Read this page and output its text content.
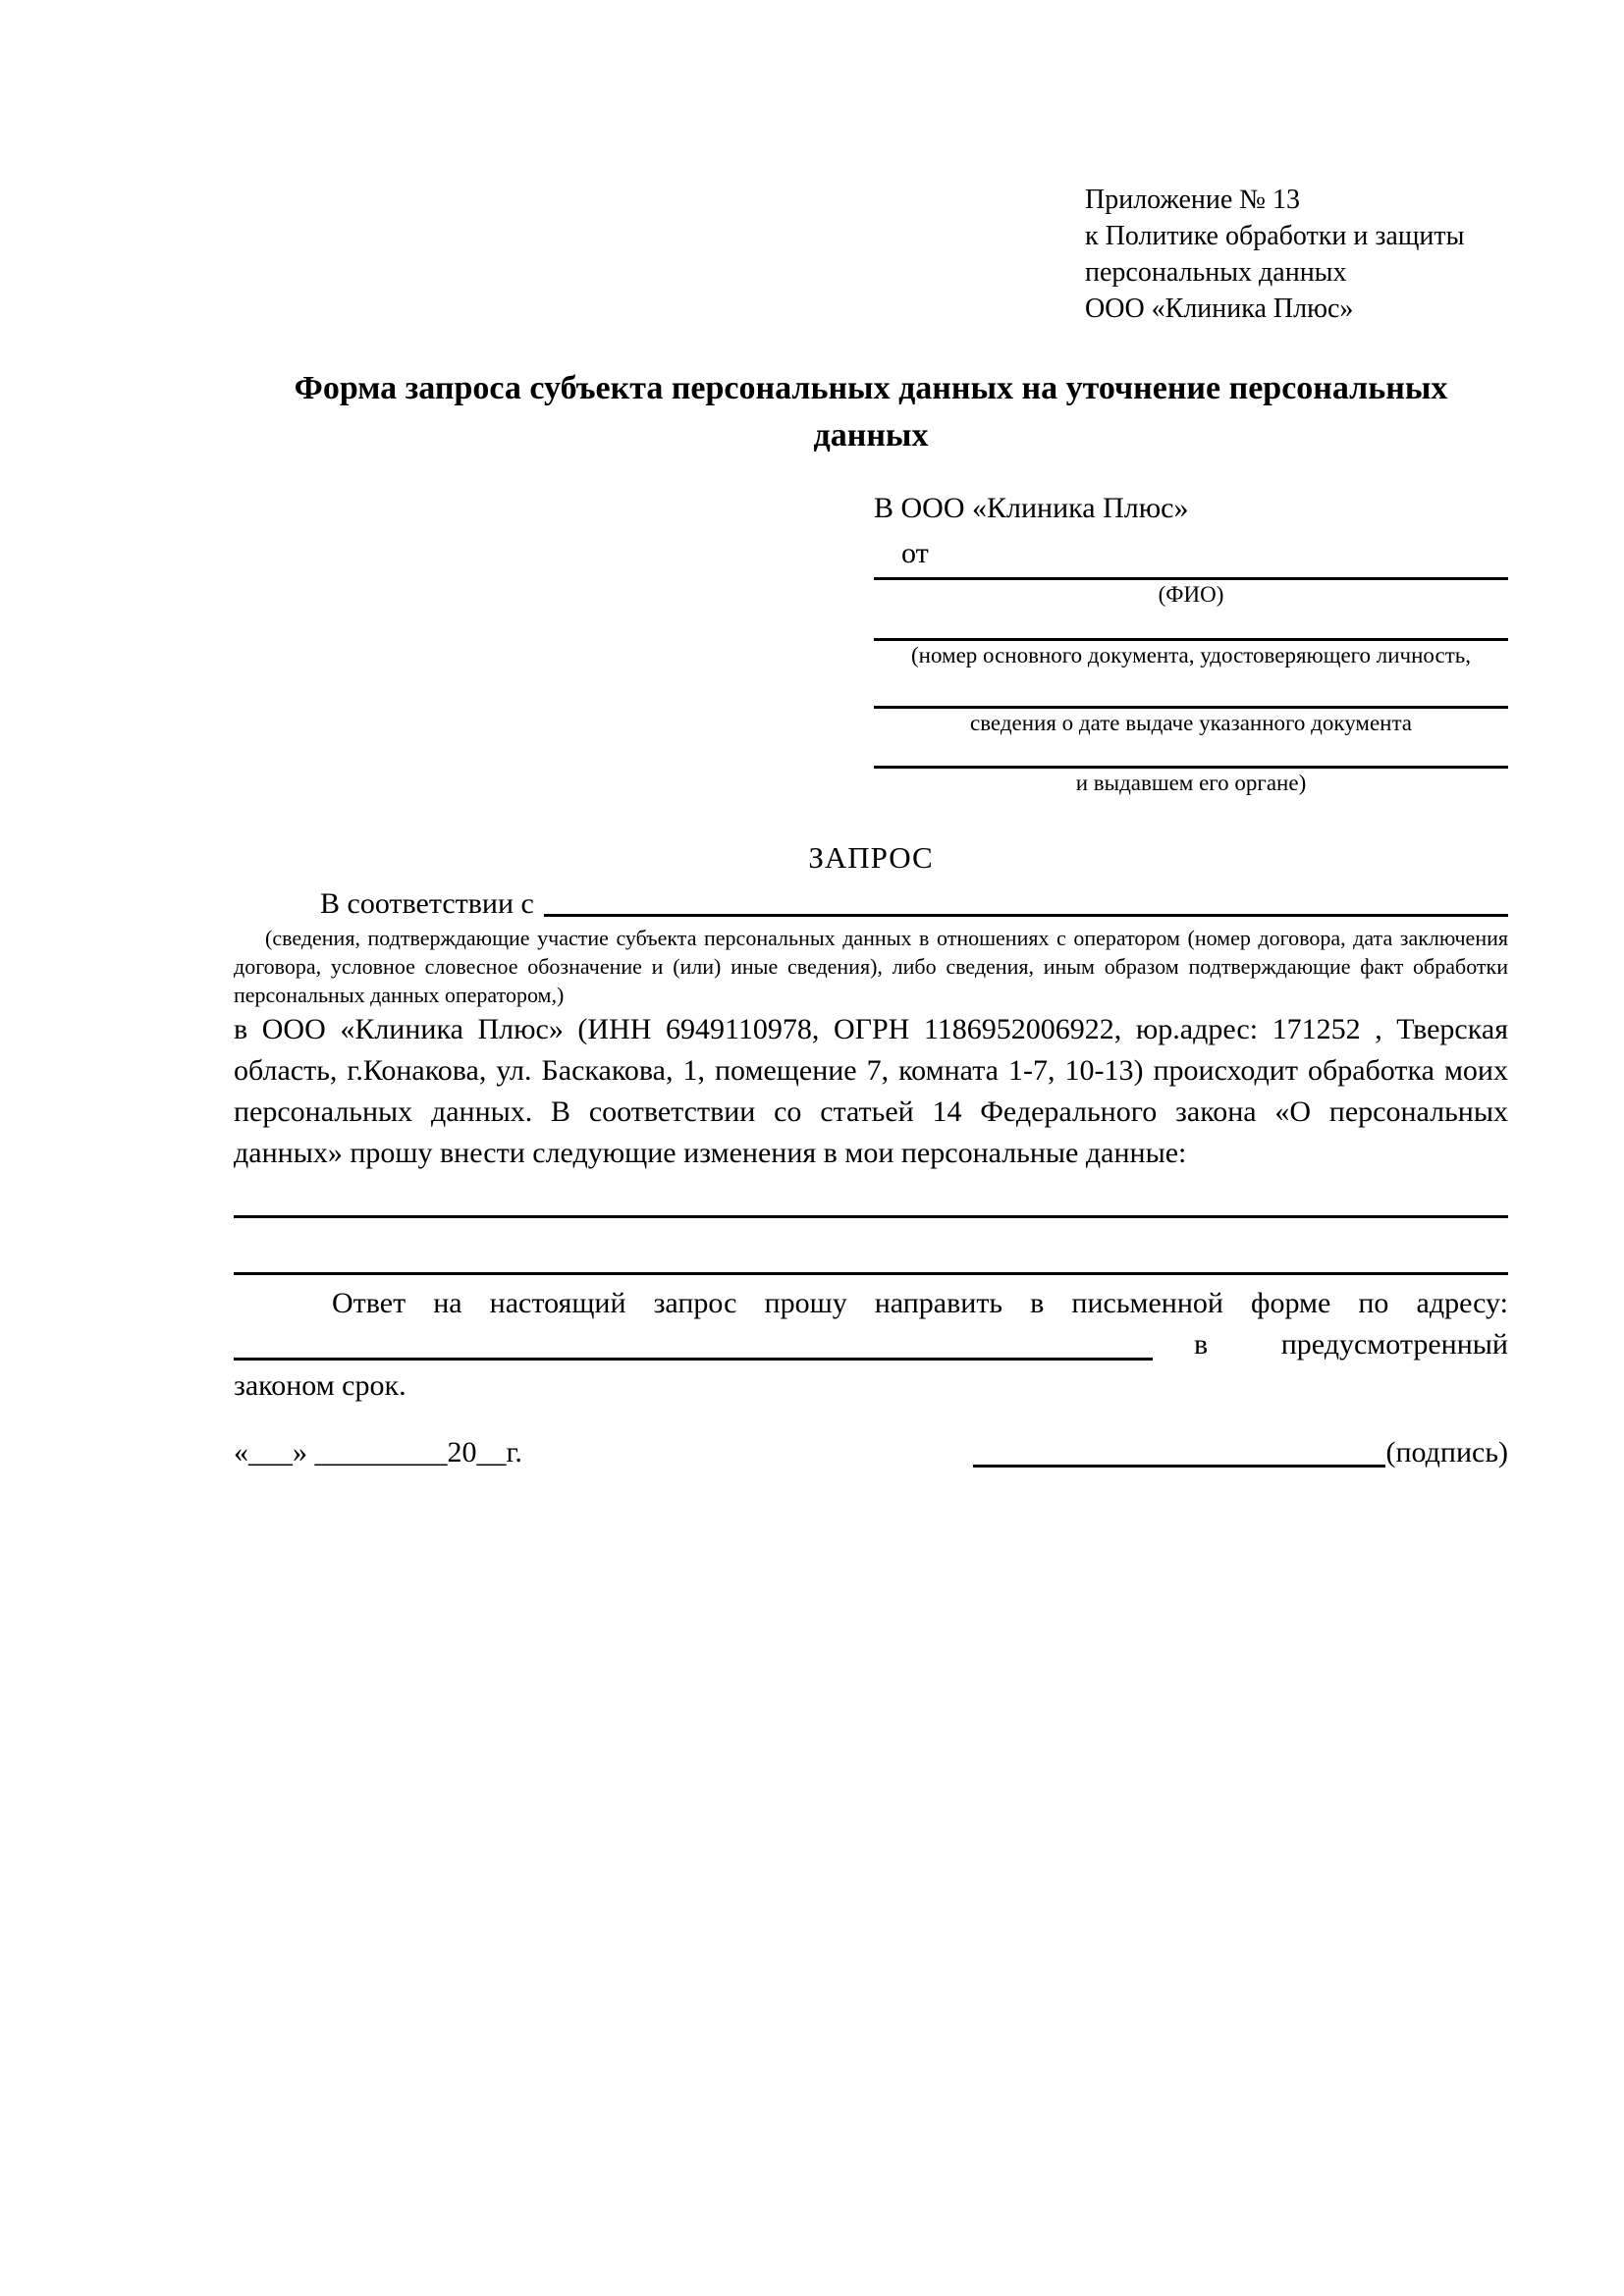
Приложение № 13
к Политике обработки и защиты
персональных данных
ООО «Клиника Плюс»
Форма запроса субъекта персональных данных на уточнение персональных данных
В ООО «Клиника Плюс»
от
(ФИО)
(номер основного документа, удостоверяющего личность,
сведения о дате выдаче указанного документа
и выдавшем его органе)
ЗАПРОС
В соответствии с
(сведения, подтверждающие участие субъекта персональных данных в отношениях с оператором (номер договора, дата заключения договора, условное словесное обозначение и (или) иные сведения), либо сведения, иным образом подтверждающие факт обработки персональных данных оператором,)

в ООО «Клиника Плюс» (ИНН 6949110978, ОГРН 1186952006922, юр.адрес: 171252 , Тверская область, г.Конакова, ул. Баскакова, 1, помещение 7, комната 1-7, 10-13) происходит обработка моих персональных данных. В соответствии со статьей 14 Федерального закона «О персональных данных» прошу внести следующие изменения в мои персональные данные:

Ответ на настоящий запрос прошу направить в письменной форме по адресу:

в предусмотренный

законом срок.

«___» _________20__г.	(подпись)
